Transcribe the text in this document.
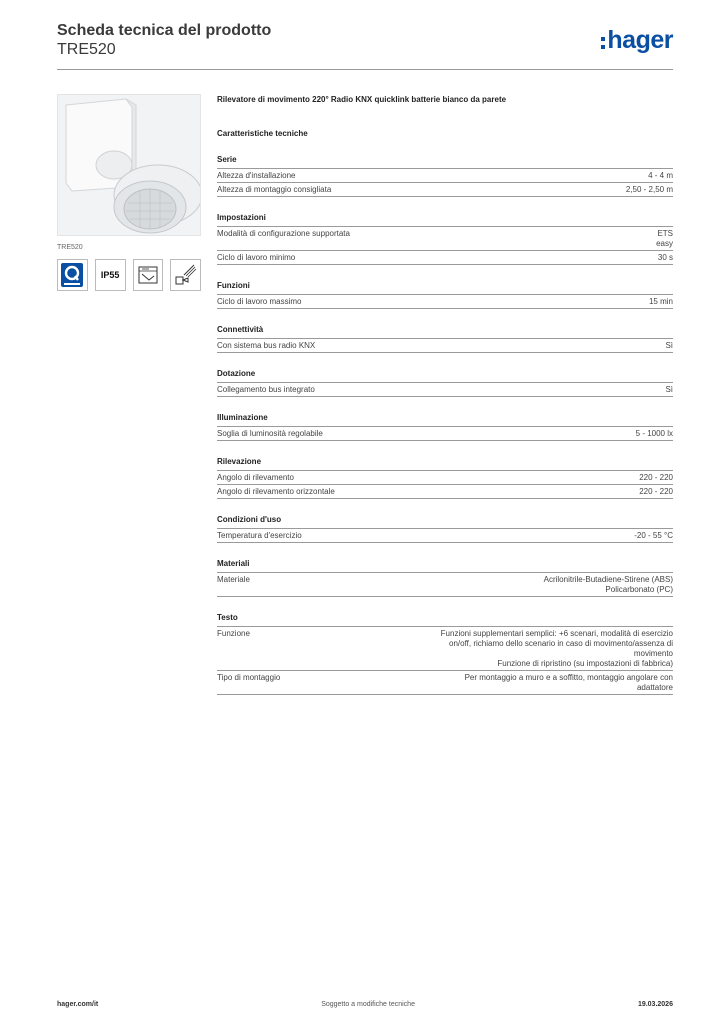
Scheda tecnica del prodotto
TRE520	hager
TRE520
IP55
Rilevatore di movimento 220° Radio KNX quicklink batterie bianco da parete
Caratteristiche tecniche
Serie
Altezza d'installazione	4 - 4 m
Altezza di montaggio consigliata	2,50 - 2,50 m
Impostazioni
Modalità di configurazione supportata	ETS
easy
Ciclo di lavoro minimo	30 s
Funzioni
Ciclo di lavoro massimo	15 min
Connettività
Con sistema bus radio KNX	Sì
Dotazione
Collegamento bus integrato	Sì
Illuminazione
Soglia di luminosità regolabile	5 - 1000 lx
Rilevazione
Angolo di rilevamento	220 - 220
Angolo di rilevamento orizzontale	220 - 220
Condizioni d'uso
Temperatura d'esercizio	-20 - 55 °C
Materiali
Materiale	Acrilonitrile-Butadiene-Stirene (ABS)
Policarbonato (PC)
Testo
Funzione	Funzioni supplementari semplici: +6 scenari, modalità di esercizio
on/off, richiamo dello scenario in caso di movimento/assenza di
movimento
Funzione di ripristino (su impostazioni di fabbrica)
Tipo di montaggio	Per montaggio a muro e a soffitto, montaggio angolare con
adattatore
hager.com/it	Soggetto a modifiche tecniche	19.03.2026
